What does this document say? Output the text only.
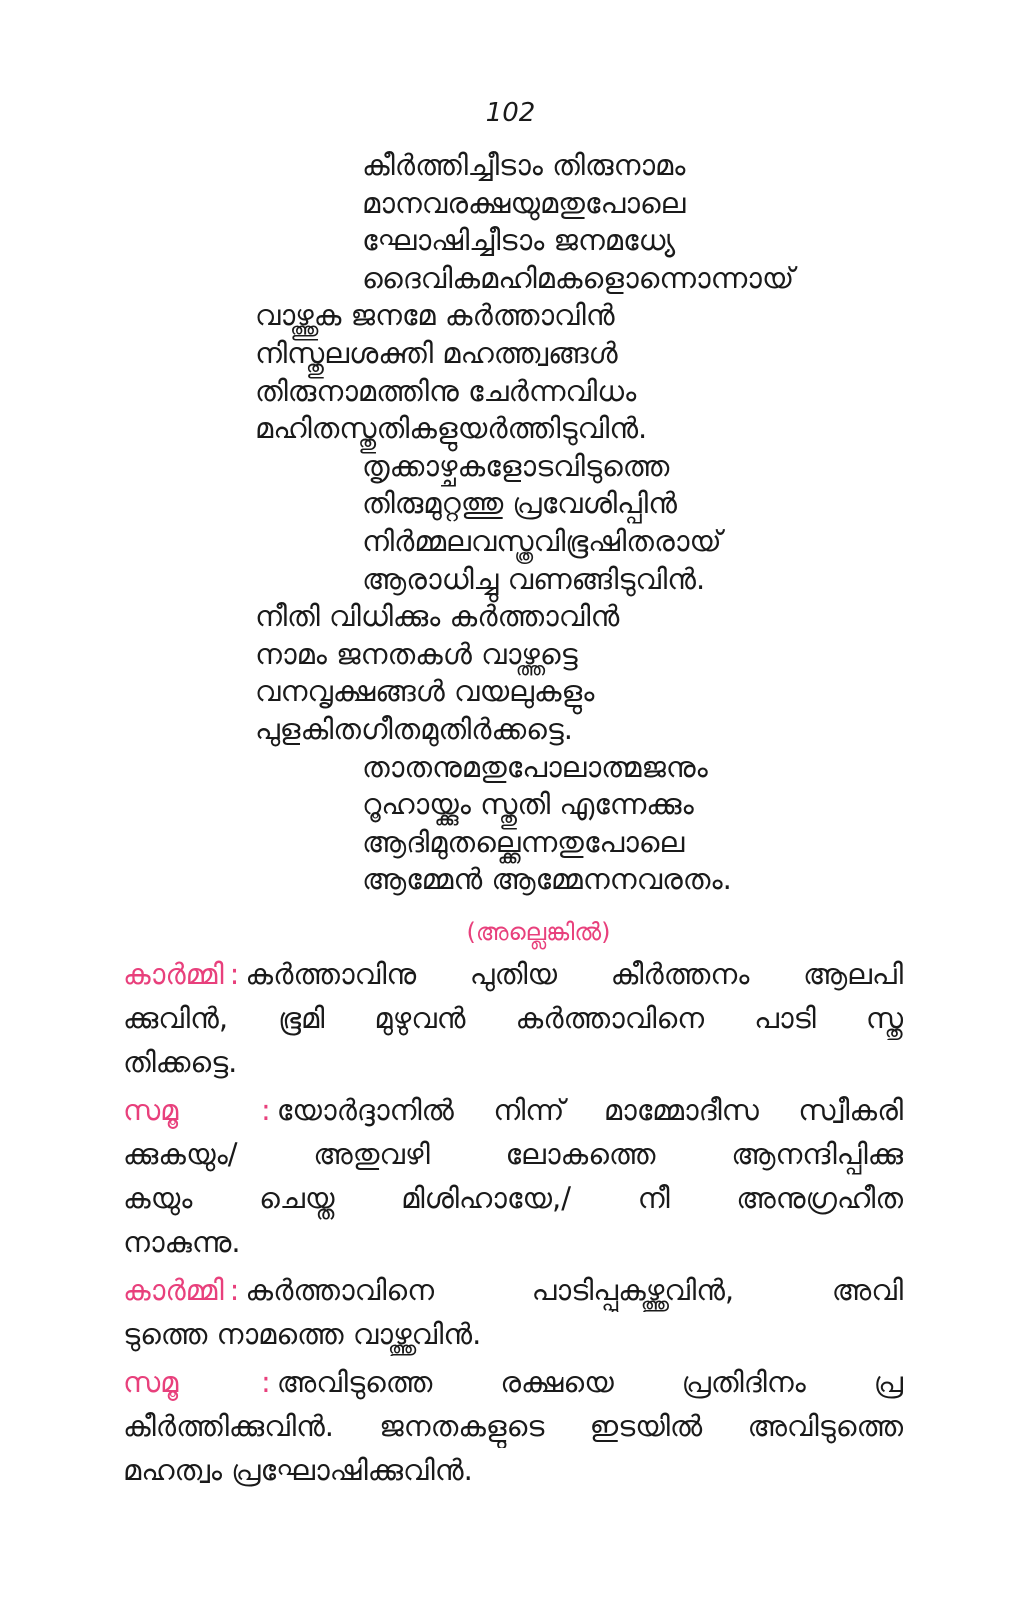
102
കീർത്തിച്ചീടാം തിരുനാമം
മാനവരക്ഷയുമതുപോലെ
ഘോഷിച്ചീടാം ജനമധ്യേ
ദൈവികമഹിമകളൊന്നൊന്നായ്
വാഴ്ത്തുക ജനമേ കർത്താവിൻ
നിസ്തുലശക്തി മഹത്ത്വങ്ങൾ
തിരുനാമത്തിനു ചേർന്നവിധം
മഹിതസ്തുതികളുയർത്തിടുവിൻ.
തൃക്കാഴ്ചകളോടവിടുത്തെ
തിരുമുറ്റത്തു പ്രവേശിപ്പിൻ
നിർമ്മലവസ്ത്രവിഭൂഷിതരായ്
ആരാധിച്ചു വണങ്ങിടുവിൻ.
നീതി വിധിക്കും കർത്താവിൻ
നാമം ജനതകൾ വാഴ്ത്തട്ടെ
വനവൃക്ഷങ്ങൾ വയലുകളും
പുളകിതഗീതമുതിർക്കട്ടെ.
താതനുമതുപോലാത്മജനും
റൂഹായ്ക്കും സ്തുതി എന്നേക്കും
ആദിമുതല്ക്കെന്നതുപോലെ
ആമ്മേൻ ആമ്മേനനവരതം.
(അല്ലെങ്കിൽ)
കാർമ്മി : കർത്താവിനു പുതിയ കീർത്തനം ആലപി
ക്കുവിൻ, ഭൂമി മുഴുവൻ കർത്താവിനെ പാടി സ്തു
തിക്കട്ടെ.
സമൂ	: യോർദ്ദാനിൽ നിന്ന് മാമ്മോദീസ സ്വീകരി
ക്കുകയും/ അതുവഴി ലോകത്തെ ആനന്ദിപ്പിക്കു
കയും ചെയ്ത മിശിഹായേ,/ നീ അനുഗ്രഹീത
നാകുന്നു.
കാർമ്മി : കർത്താവിനെ പാടിപ്പുകഴ്ത്തുവിൻ, അവി
ടുത്തെ നാമത്തെ വാഴ്ത്തുവിൻ.
സമൂ	: അവിടുത്തെ രക്ഷയെ പ്രതിദിനം പ്ര
കീർത്തിക്കുവിൻ. ജനതകളുടെ ഇടയിൽ അവിടുത്തെ
മഹത്വം പ്രഘോഷിക്കുവിൻ.
